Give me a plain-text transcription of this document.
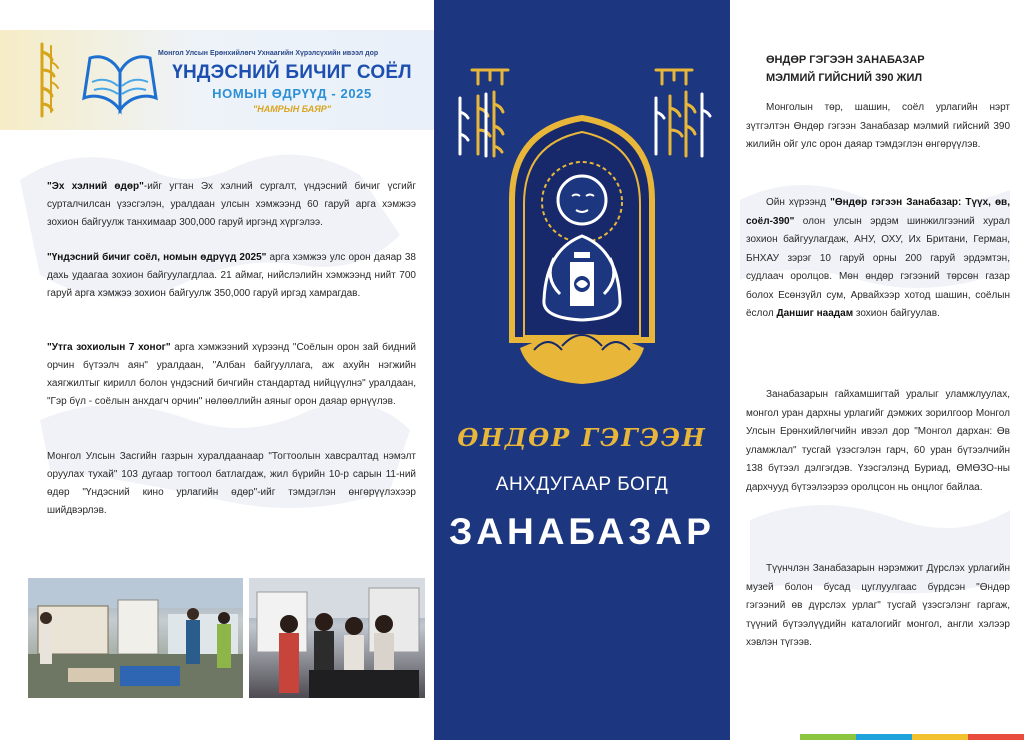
Монгол Улсын Ерөнхийлөгч Ухнаагийн Хүрэлсүхийн ивээл дор
ҮНДЭСНИЙ БИЧИГ СОЁЛ
НОМЫН ӨДРҮҮД - 2025
"НАМРЫН БАЯР"

"Эх хэлний өдөр"-ийг угтан Эх хэлний сургалт, үндэсний бичиг үсгийг сурталчилсан үзэсгэлэн, уралдаан улсын хэмжээнд 60 гаруй арга хэмжээ зохион байгуулж танхимаар 300,000 гаруй иргэнд хүргэлээ.

"Үндэсний бичиг соёл, номын өдрүүд 2025" арга хэмжээ улс орон даяар 38 дахь удаагаа зохион байгуулагдлаа. 21 аймаг, нийслэлийн хэмжээнд нийт 700 гаруй арга хэмжээ зохион байгуулж 350,000 гаруй иргэд хамрагдав.

"Утга зохиолын 7 хоног" арга хэмжээний хүрээнд "Соёлын орон зай бидний орчин бүтээлч аян" уралдаан, "Албан байгууллага, аж ахуйн нэгжийн хаягжилтыг кирилл болон үндэсний бичгийн стандартад нийцүүлнэ" уралдаан, "Гэр бүл - соёлын анхдагч орчин" нөлөөллийн аяныг орон даяар өрнүүлэв.

Монгол Улсын Засгийн газрын хуралдаанаар "Тогтоолын хавсралтад нэмэлт оруулах тухай" 103 дугаар тогтоол батлагдаж, жил бүрийн 10-р сарын 11-ний өдөр "Үндэсний кино урлагийн өдөр"-ийг тэмдэглэн өнгөрүүлэхээр шийдвэрлэв.

ӨНДӨР ГЭГЭЭН
АНХДУГААР БОГД
ЗАНАБАЗАР
ӨНДӨР ГЭГЭЭН ЗАНАБАЗАР
МЭЛМИЙ ГИЙСНИЙ 390 ЖИЛ

Монголын төр, шашин, соёл урлагийн нэрт зүтгэлтэн Өндөр гэгээн Занабазар мэлмий гийсний 390 жилийн ойг улс орон даяар тэмдэглэн өнгөрүүлэв.

Ойн хүрээнд "Өндөр гэгээн Занабазар: Түүх, өв, соёл-390" олон улсын эрдэм шинжилгээний хурал зохион байгуулагдаж, АНУ, ОХУ, Их Британи, Герман, БНХАУ зэрэг 10 гаруй орны 200 гаруй эрдэмтэн, судлаач оролцов. Мөн өндөр гэгээний төрсөн газар болох Есөнзүйл сум, Арвайхээр хотод шашин, соёлын ёслол Даншиг наадам зохион байгуулав.

Занабазарын гайхамшигтай уралыг уламжлуулах, монгол уран дархны урлагийг дэмжих зорилгоор Монгол Улсын Ерөнхийлөгчийн ивээл дор "Монгол дархан: Өв уламжлал" тусгай үзэсгэлэн гарч, 60 уран бүтээлчийн 138 бүтээл дэлгэгдэв. Үзэсгэлэнд Буриад, ӨМӨЗО-ны дархчууд бүтээлээрээ оролцсон нь онцлог байлаа.

Түүнчлэн Занабазарын нэрэмжит Дүрслэх урлагийн музей болон бусад цуглуулгаас бүрдсэн "Өндөр гэгээний өв дүрслэх урлаг" тусгай үзэсгэлэнг гаргаж, түүний бүтээлүүдийн каталогийг монгол, англи хэлээр хэвлэн түгээв.
